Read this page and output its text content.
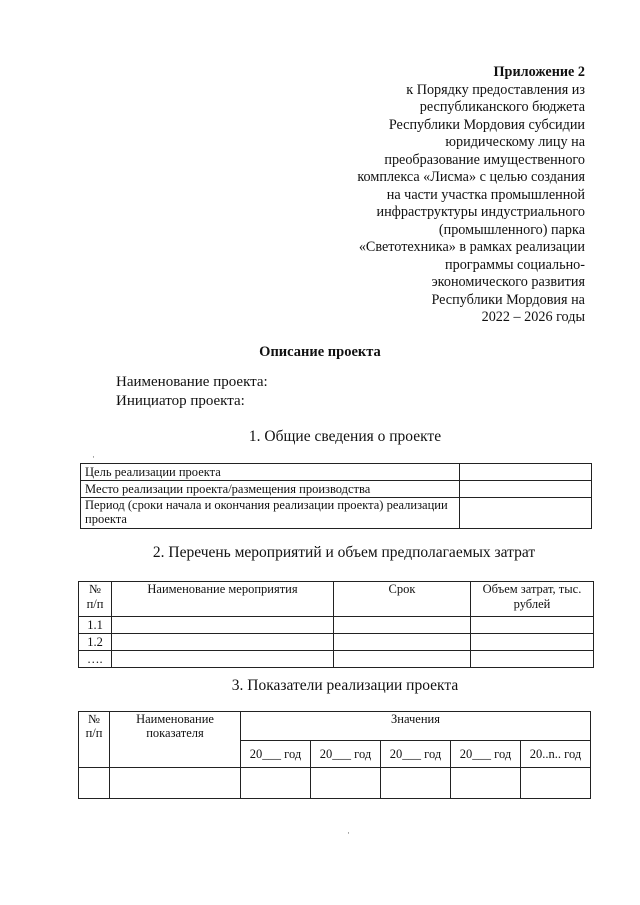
Приложение 2
к Порядку предоставления из
республиканского бюджета
Республики Мордовия субсидии
юридическому лицу на
преобразование имущественного
комплекса «Лисма» с целью создания
на части участка промышленной
инфраструктуры индустриального
(промышленного) парка
«Светотехника» в рамках реализации
программы социально-
экономического развития
Республики Мордовия на
2022 – 2026 годы
Описание проекта
Наименование проекта:
Инициатор проекта:
1. Общие сведения о проекте
·
Цель реализации проекта	
Место реализации проекта/размещения производства	
Период (сроки начала и окончания реализации проекта) реализации проекта	
2. Перечень мероприятий и объем предполагаемых затрат
№ п/п	Наименование мероприятия	Срок	Объем затрат, тыс. рублей
1.1			
1.2			
….			
3. Показатели реализации проекта
№ п/п	Наименование показателя	Значения				
		20___ год	20___ год	20___ год	20___ год	20..n.. год

·
